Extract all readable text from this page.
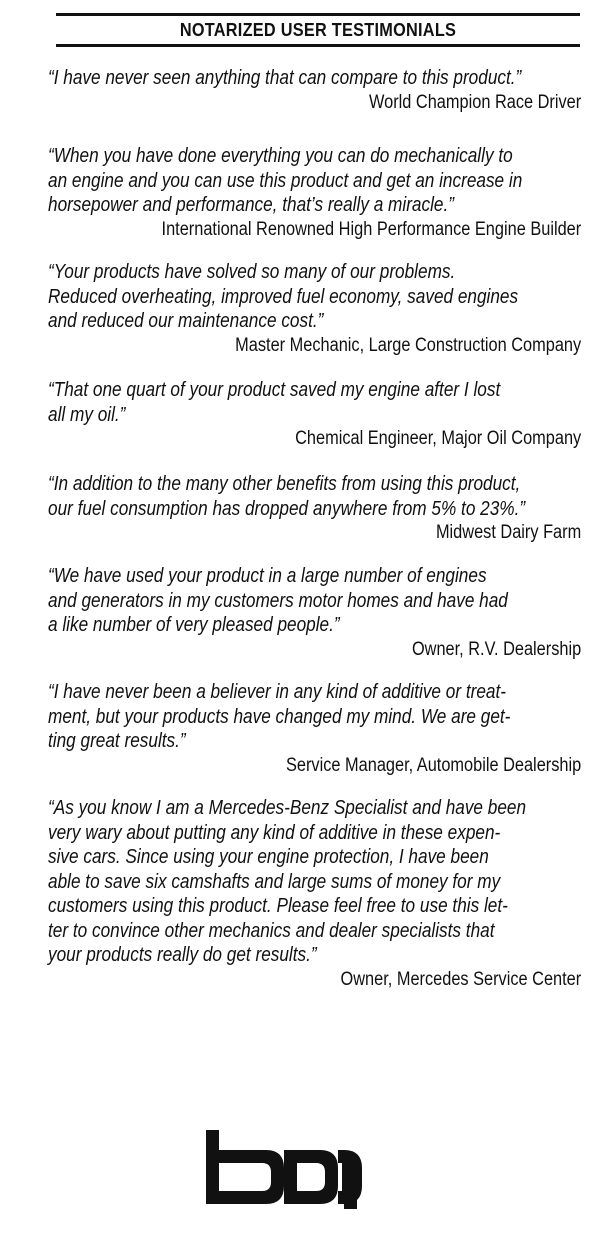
NOTARIZED USER TESTIMONIALS

“I have never seen anything that can compare to this product.”

World Champion Race Driver

“When you have done everything you can do mechanically to
an engine and you can use this product and get an increase in
horsepower and performance, that’s really a miracle.”

International Renowned High Performance Engine Builder

“Your products have solved so many of our problems.
Reduced overheating, improved fuel economy, saved engines
and reduced our maintenance cost.”

Master Mechanic, Large Construction Company

“That one quart of your product saved my engine after I lost
all my oil.”

Chemical Engineer, Major Oil Company

“In addition to the many other benefits from using this product,
our fuel consumption has dropped anywhere from 5% to 23%.”

Midwest Dairy Farm

“We have used your product in a large number of engines
and generators in my customers motor homes and have had
a like number of very pleased people.”

Owner, R.V. Dealership

“I have never been a believer in any kind of additive or treat-
ment, but your products have changed my mind. We are get-
ting great results.”

Service Manager, Automobile Dealership

“As you know I am a Mercedes-Benz Specialist and have been
very wary about putting any kind of additive in these expen-
sive cars. Since using your engine protection, I have been
able to save six camshafts and large sums of money for my
customers using this product. Please feel free to use this let-
ter to convince other mechanics and dealer specialists that
your products really do get results.”

Owner, Mercedes Service Center
